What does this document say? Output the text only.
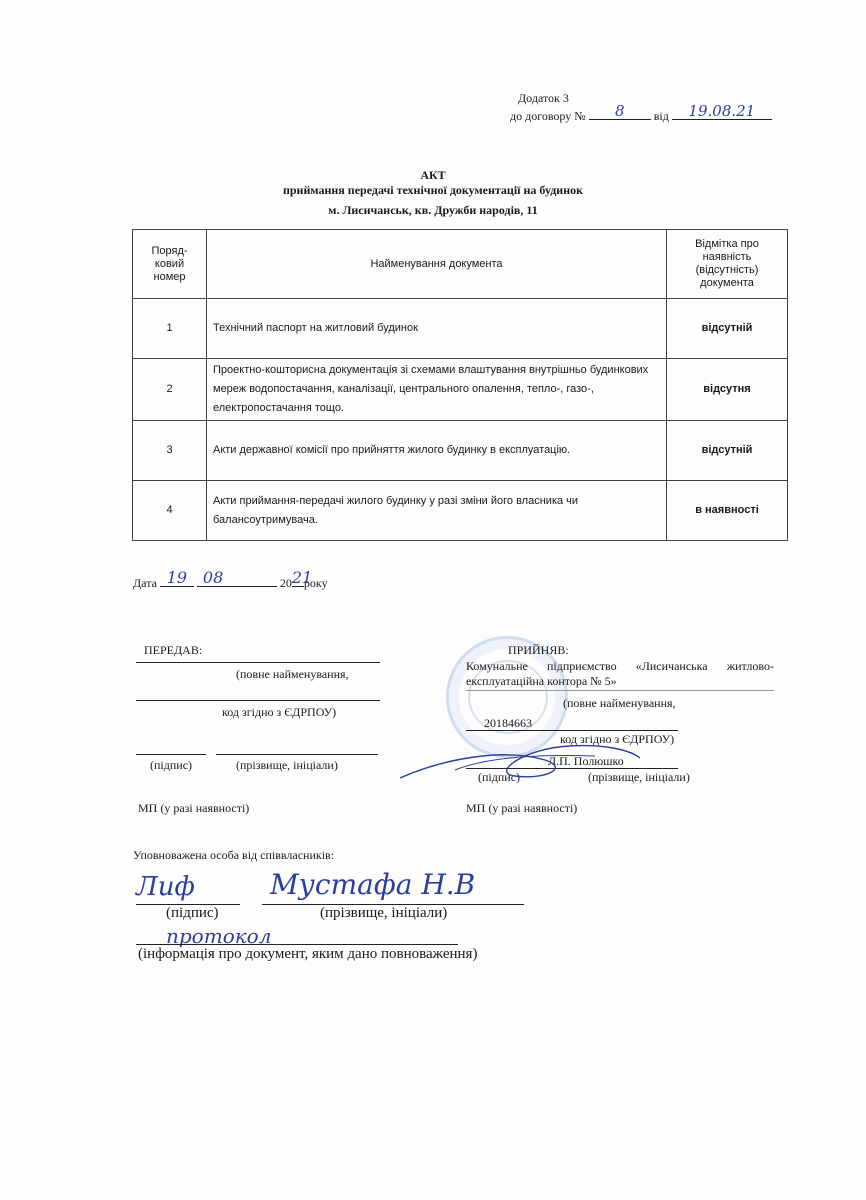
Додаток 3
до договору №	8	від	19.08.21
АКТ
приймання передачі технічної документації на будинок
м. Лисичанськ, кв. Дружби народів, 11
Поряд-
ковий
номер	Найменування документа	Відмітка про
наявність
(відсутність)
документа
1	Технічний паспорт на житловий будинок	відсутній
2	Проектно-кошторисна документація зі схемами влаштування внутрішньо будинкових мереж водопостачання, каналізації, центрального опалення, тепло-, газо-, електропостачання тощо.	відсутня
3	Акти державної комісії про прийняття жилого будинку в експлуатацію.	відсутній
4	Акти приймання-передачі жилого будинку у разі зміни його власника чи балансоутримувача.	в наявності
Дата 19
08	20 21
року
ПЕРЕДАВ:
(повне найменування,
код згідно з ЄДРПОУ)
(підпис)	(прізвище, ініціали)
МП (у разі наявності)
ПРИЙНЯВ:
Комунальне підприємство «Лисичанська житлово-
експлуатаційна контора № 5»
(повне найменування,
20184663
код згідно з ЄДРПОУ)
Л.П. Полюшко
(підпис)	(прізвище, ініціали)
МП (у разі наявності)
Уповноважена особа від співвласників:
Лиф	Мустафа Н.В
(підпис)	(прізвище, ініціали)
протокол
(інформація про документ, яким дано повноваження)
